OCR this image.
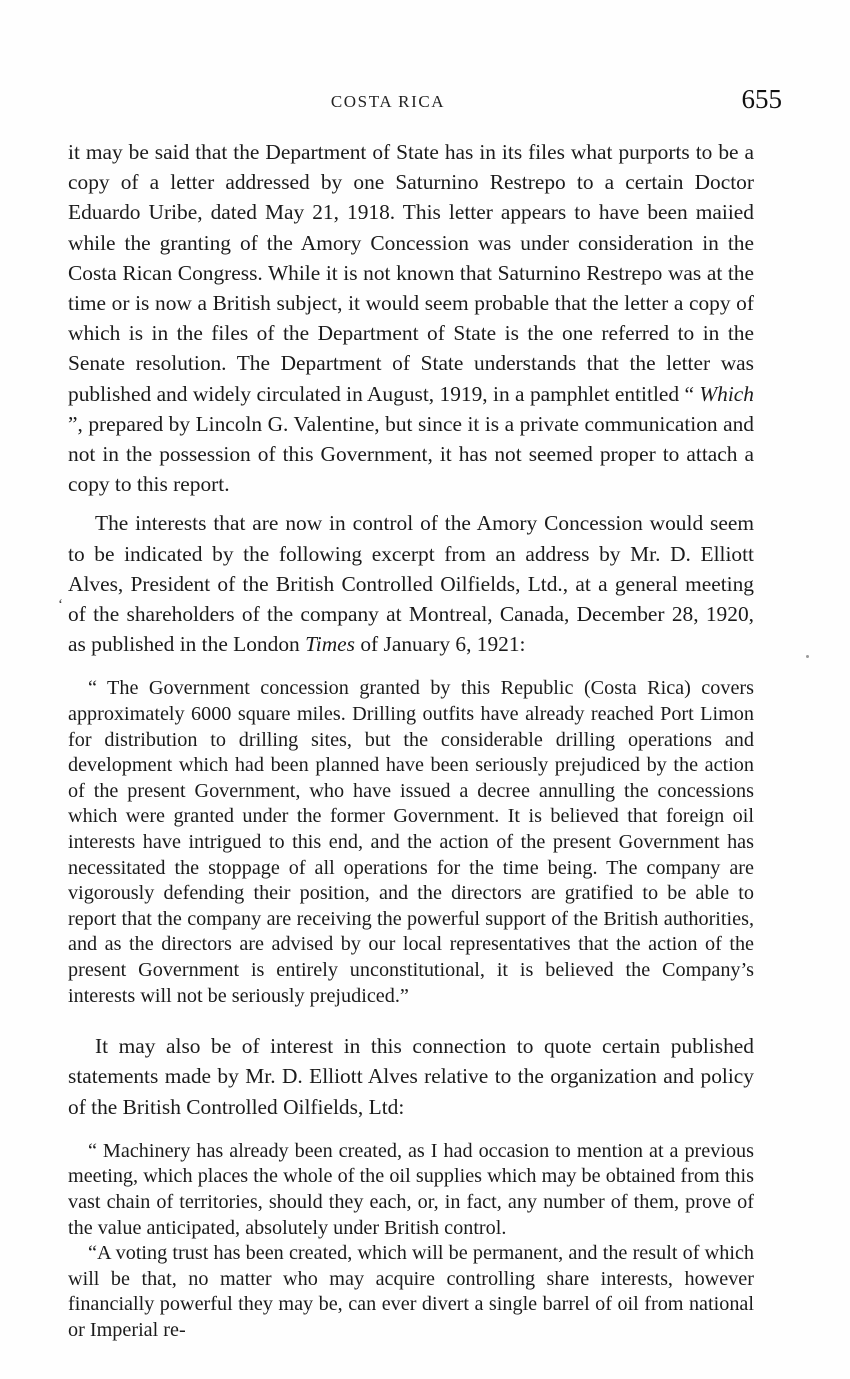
COSTA RICA	655
‘

it may be said that the Department of State has in its files what purports to be a copy of a letter addressed by one Saturnino Restrepo to a certain Doctor Eduardo Uribe, dated May 21, 1918. This letter appears to have been maiied while the granting of the Amory Concession was under consideration in the Costa Rican Congress. While it is not known that Saturnino Restrepo was at the time or is now a British subject, it would seem probable that the letter a copy of which is in the files of the Department of State is the one referred to in the Senate resolution. The Department of State understands that the letter was published and widely circulated in August, 1919, in a pamphlet entitled “ Which ”, prepared by Lincoln G. Valentine, but since it is a private communication and not in the possession of this Government, it has not seemed proper to attach a copy to this report.

The interests that are now in control of the Amory Concession would seem to be indicated by the following excerpt from an address by Mr. D. Elliott Alves, President of the British Controlled Oilfields, Ltd., at a general meeting of the shareholders of the company at Montreal, Canada, December 28, 1920, as published in the London Times of January 6, 1921:

“ The Government concession granted by this Republic (Costa Rica) covers approximately 6000 square miles. Drilling outfits have already reached Port Limon for distribution to drilling sites, but the considerable drilling operations and development which had been planned have been seriously prejudiced by the action of the present Government, who have issued a decree annulling the concessions which were granted under the former Government. It is believed that foreign oil interests have intrigued to this end, and the action of the present Government has necessitated the stoppage of all operations for the time being. The company are vigorously defending their position, and the directors are gratified to be able to report that the company are receiving the powerful support of the British authorities, and as the directors are advised by our local representatives that the action of the present Government is entirely unconstitutional, it is believed the Company’s interests will not be seriously prejudiced.”

It may also be of interest in this connection to quote certain published statements made by Mr. D. Elliott Alves relative to the organization and policy of the British Controlled Oilfields, Ltd:

“ Machinery has already been created, as I had occasion to mention at a previous meeting, which places the whole of the oil supplies which may be obtained from this vast chain of territories, should they each, or, in fact, any number of them, prove of the value anticipated, absolutely under British control.

“A voting trust has been created, which will be permanent, and the result of which will be that, no matter who may acquire controlling share interests, however financially powerful they may be, can ever divert a single barrel of oil from national or Imperial re-
